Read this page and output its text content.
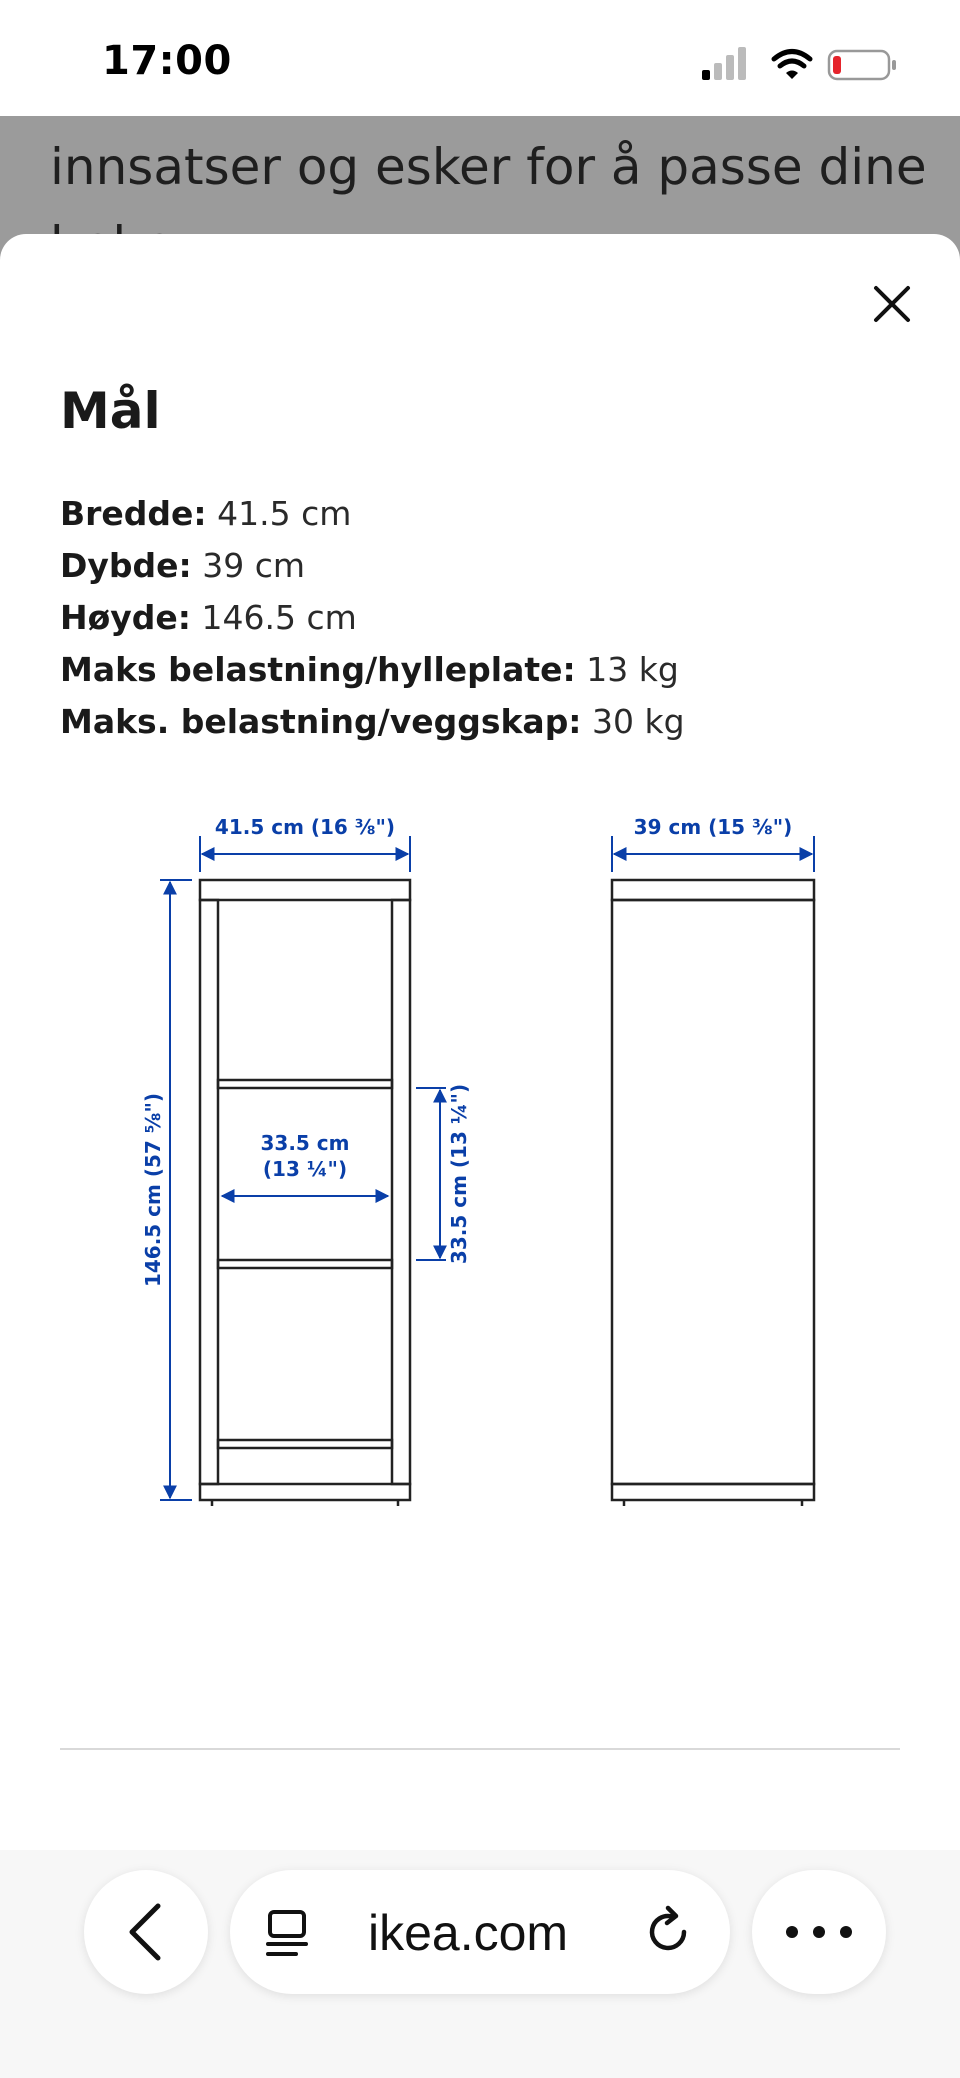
17:00
innsatser og esker for å passe dine
Mål
Bredde: 41.5 cm
Dybde: 39 cm
Høyde: 146.5 cm
Maks belastning/hylleplate: 13 kg
Maks. belastning/veggskap: 30 kg
41.5 cm (16 ⅜")
146.5 cm (57 ⅝")	33.5 cm
(13 ¼")	33.5 cm (13 ¼")
39 cm (15 ⅜")
ikea.com
